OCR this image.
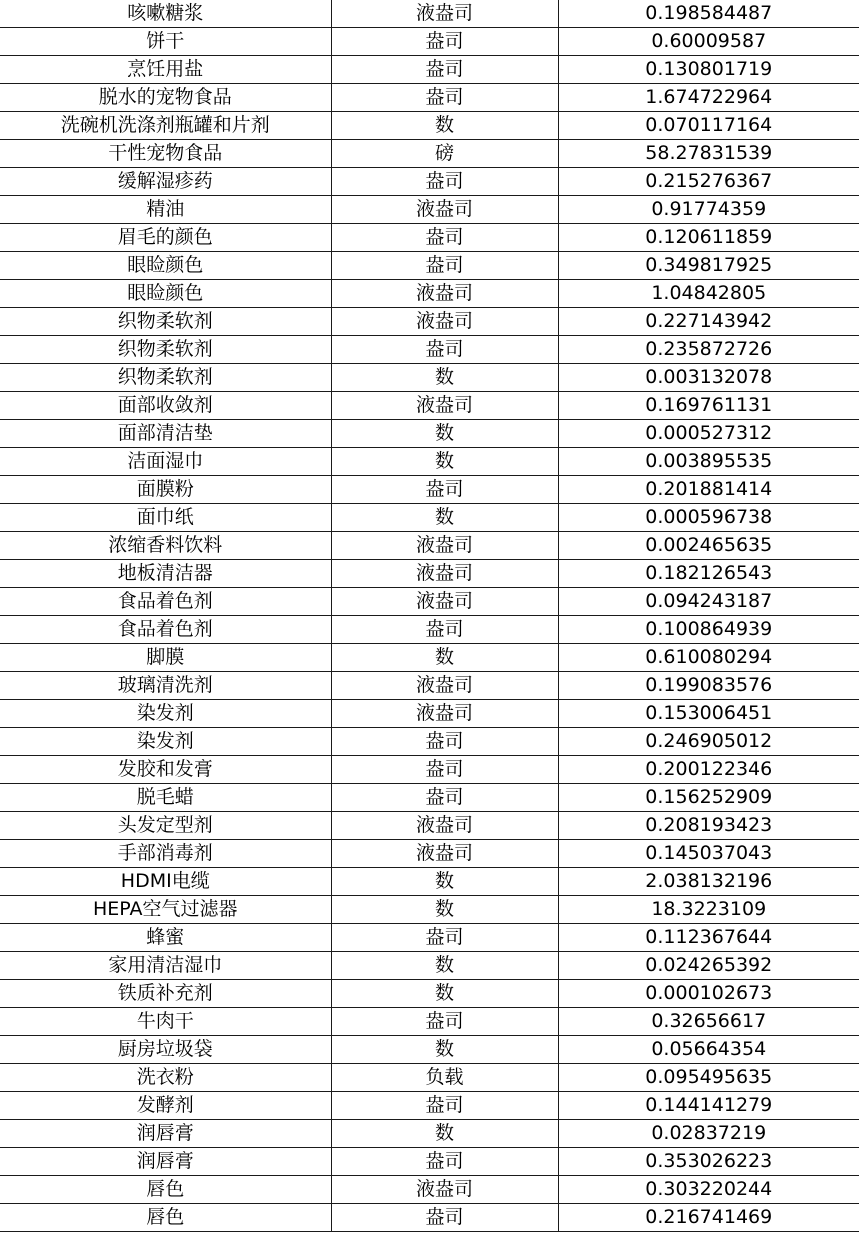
咳嗽糖浆	液盎司	0.198584487
饼干	盎司	0.60009587
烹饪用盐	盎司	0.130801719
脱水的宠物食品	盎司	1.674722964
洗碗机洗涤剂瓶罐和片剂	数	0.070117164
干性宠物食品	磅	58.27831539
缓解湿疹药	盎司	0.215276367
精油	液盎司	0.91774359
眉毛的颜色	盎司	0.120611859
眼睑颜色	盎司	0.349817925
眼睑颜色	液盎司	1.04842805
织物柔软剂	液盎司	0.227143942
织物柔软剂	盎司	0.235872726
织物柔软剂	数	0.003132078
面部收敛剂	液盎司	0.169761131
面部清洁垫	数	0.000527312
洁面湿巾	数	0.003895535
面膜粉	盎司	0.201881414
面巾纸	数	0.000596738
浓缩香料饮料	液盎司	0.002465635
地板清洁器	液盎司	0.182126543
食品着色剂	液盎司	0.094243187
食品着色剂	盎司	0.100864939
脚膜	数	0.610080294
玻璃清洗剂	液盎司	0.199083576
染发剂	液盎司	0.153006451
染发剂	盎司	0.246905012
发胶和发膏	盎司	0.200122346
脱毛蜡	盎司	0.156252909
头发定型剂	液盎司	0.208193423
手部消毒剂	液盎司	0.145037043
HDMI电缆	数	2.038132196
HEPA空气过滤器	数	18.3223109
蜂蜜	盎司	0.112367644
家用清洁湿巾	数	0.024265392
铁质补充剂	数	0.000102673
牛肉干	盎司	0.32656617
厨房垃圾袋	数	0.05664354
洗衣粉	负载	0.095495635
发酵剂	盎司	0.144141279
润唇膏	数	0.02837219
润唇膏	盎司	0.353026223
唇色	液盎司	0.303220244
唇色	盎司	0.216741469
